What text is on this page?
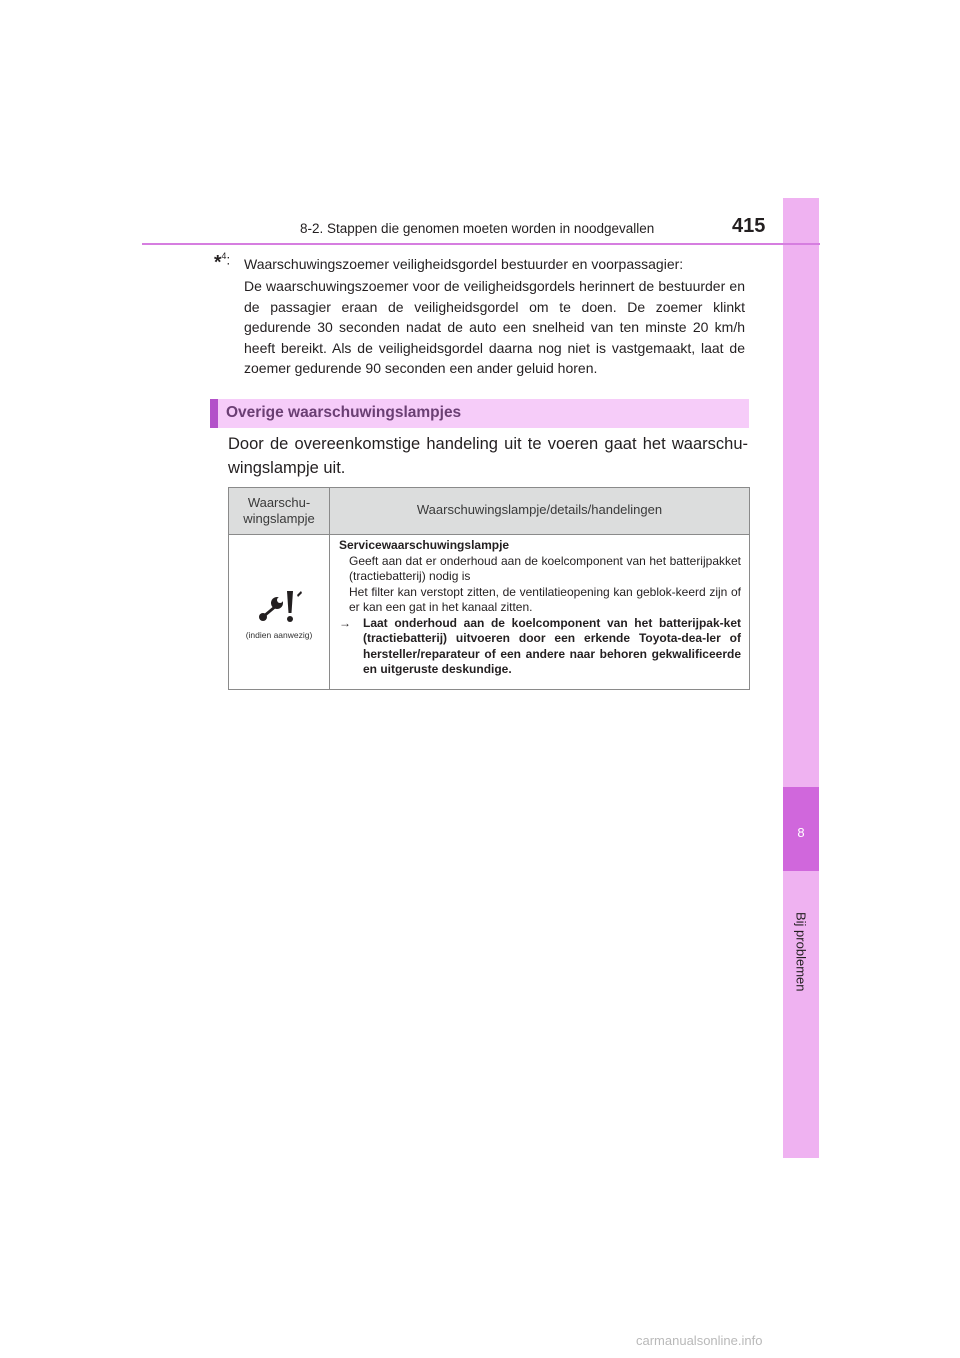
8
Bij problemen
8-2. Stappen die genomen moeten worden in noodgevallen	415
*$^4$: Waarschuwingszoemer veiligheidsgordel bestuurder en voorpassagier:
De waarschuwingszoemer voor de veiligheidsgordels herinnert de bestuurder en de passagier eraan de veiligheidsgordel om te doen. De zoemer klinkt gedurende 30 seconden nadat de auto een snelheid van ten minste 20 km/h heeft bereikt. Als de veiligheidsgordel daarna nog niet is vastgemaakt, laat de zoemer gedurende 90 seconden een ander geluid horen.
Overige waarschuwingslampjes
Door de overeenkomstige handeling uit te voeren gaat het waarschu-wingslampje uit.
Waarschu-wingslampje
Waarschuwingslampje/details/handelingen
(indien aanwezig)
Servicewaarschuwingslampje
Geeft aan dat er onderhoud aan de koelcomponent van het batterijpakket (tractiebatterij) nodig is
Het filter kan verstopt zitten, de ventilatieopening kan geblok-keerd zijn of er kan een gat in het kanaal zitten.
→ Laat onderhoud aan de koelcomponent van het batterijpak-ket (tractiebatterij) uitvoeren door een erkende Toyota-dea-ler of hersteller/reparateur of een andere naar behoren gekwalificeerde en uitgeruste deskundige.
carmanualsonline.info
